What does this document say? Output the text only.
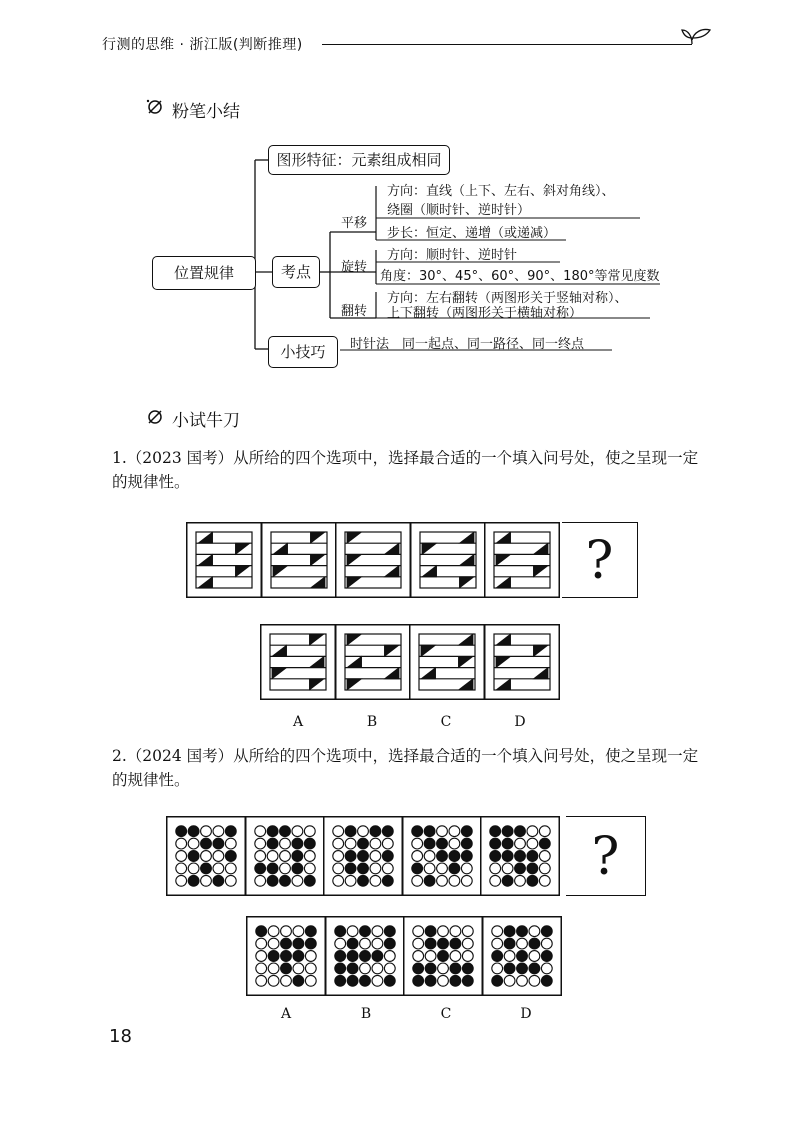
行测的思维 · 浙江版(判断推理)
粉笔小结
位置规律
图形特征：元素组成相同
考点
小技巧
平移
旋转
翻转
方向：直线（上下、左右、斜对角线）、
绕圈（顺时针、逆时针）
步长：恒定、递增（或递减）
方向：顺时针、逆时针
角度：30°、45°、60°、90°、180°等常见度数
方向：左右翻转（两图形关于竖轴对称）、
上下翻转（两图形关于横轴对称）
时针法　同一起点、同一路径、同一终点
小试牛刀
1.（2023 国考）从所给的四个选项中，选择最合适的一个填入问号处，使之呈现一定的规律性。
?
A	B	C	D
2.（2024 国考）从所给的四个选项中，选择最合适的一个填入问号处，使之呈现一定的规律性。
?
A	B	C	D
18
